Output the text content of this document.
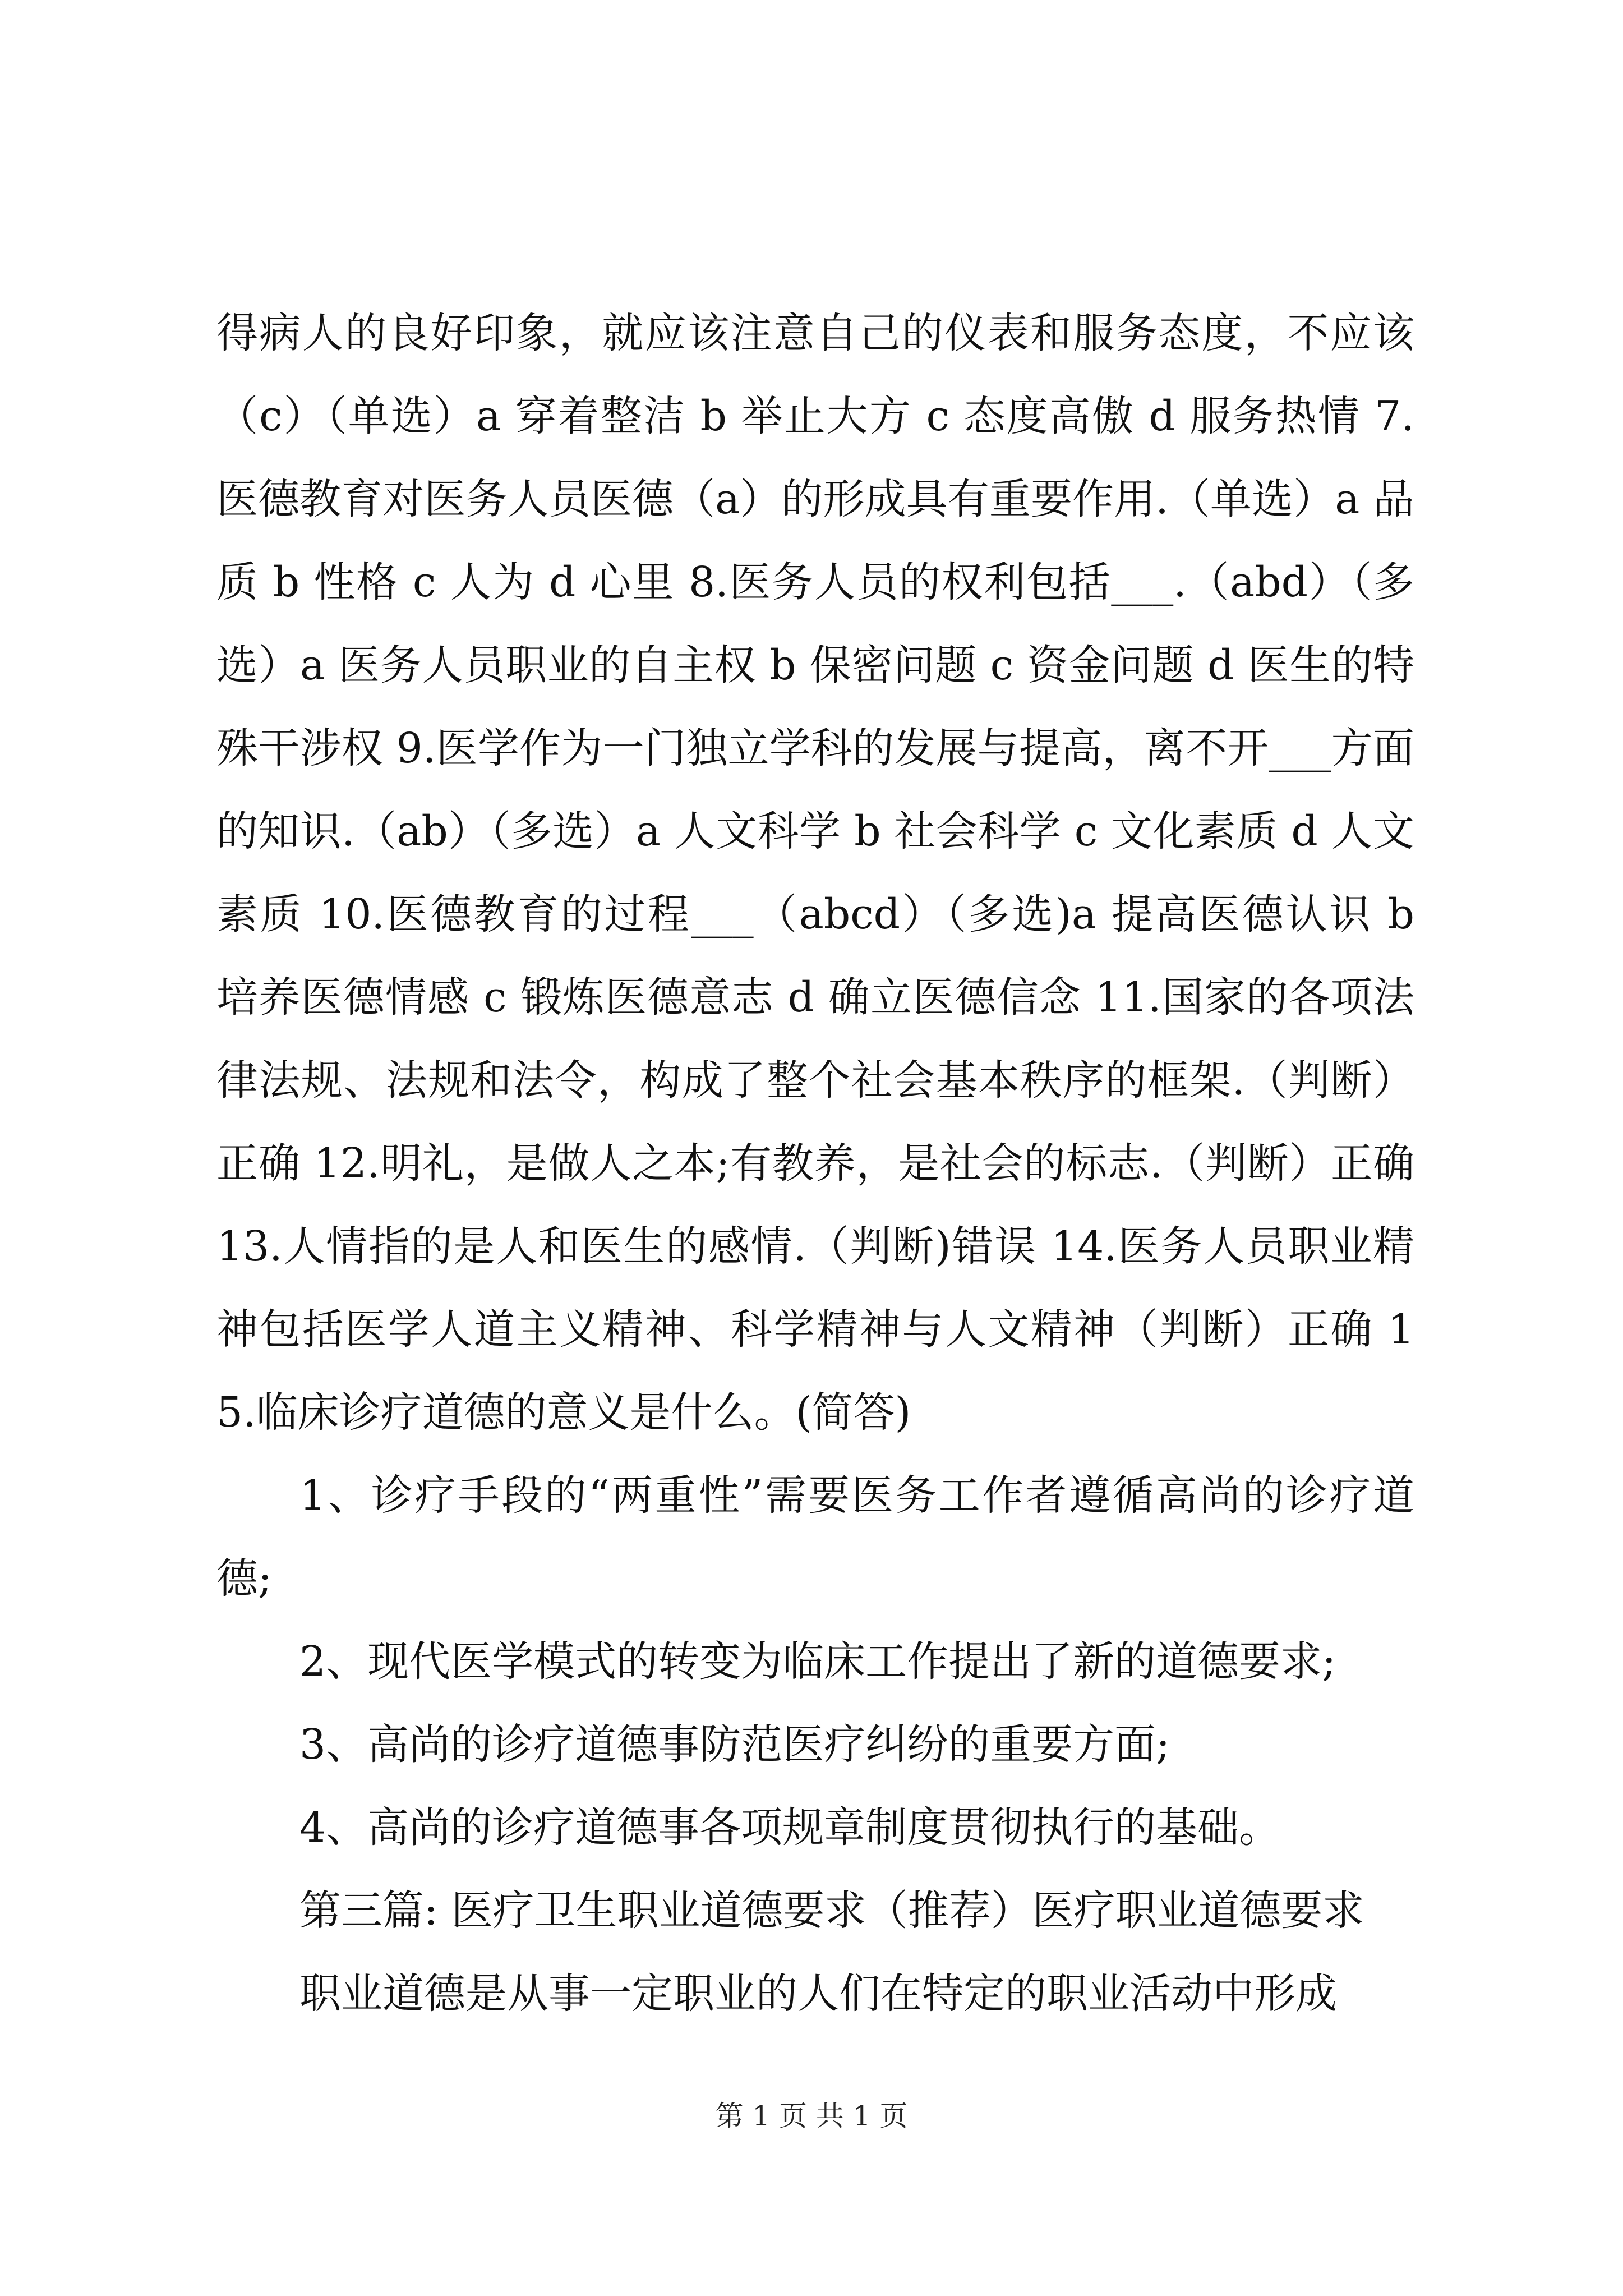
得病人的良好印象，就应该注意自己的仪表和服务态度，不应该（c）（单选）a 穿着整洁 b 举止大方 c 态度高傲 d 服务热情 7.医德教育对医务人员医德（a）的形成具有重要作用.（单选）a 品质 b 性格 c 人为 d 心里 8.医务人员的权利包括___.（abd）（多选）a 医务人员职业的自主权 b 保密问题 c 资金问题 d 医生的特殊干涉权 9.医学作为一门独立学科的发展与提高，离不开___方面的知识.（ab）（多选）a 人文科学 b 社会科学 c 文化素质 d 人文素质 10.医德教育的过程___（abcd）（多选)a 提高医德认识 b 培养医德情感 c 锻炼医德意志 d 确立医德信念 11.国家的各项法律法规、法规和法令，构成了整个社会基本秩序的框架.（判断）正确 12.明礼，是做人之本;有教养，是社会的标志.（判断）正确 13.人情指的是人和医生的感情.（判断)错误 14.医务人员职业精神包括医学人道主义精神、科学精神与人文精神（判断）正确 15.临床诊疗道德的意义是什么。(简答)

1、诊疗手段的“两重性”需要医务工作者遵循高尚的诊疗道德;

2、现代医学模式的转变为临床工作提出了新的道德要求;

3、高尚的诊疗道德事防范医疗纠纷的重要方面;

4、高尚的诊疗道德事各项规章制度贯彻执行的基础。

第三篇: 医疗卫生职业道德要求（推荐）医疗职业道德要求

职业道德是从事一定职业的人们在特定的职业活动中形成

第 1 页 共 1 页
